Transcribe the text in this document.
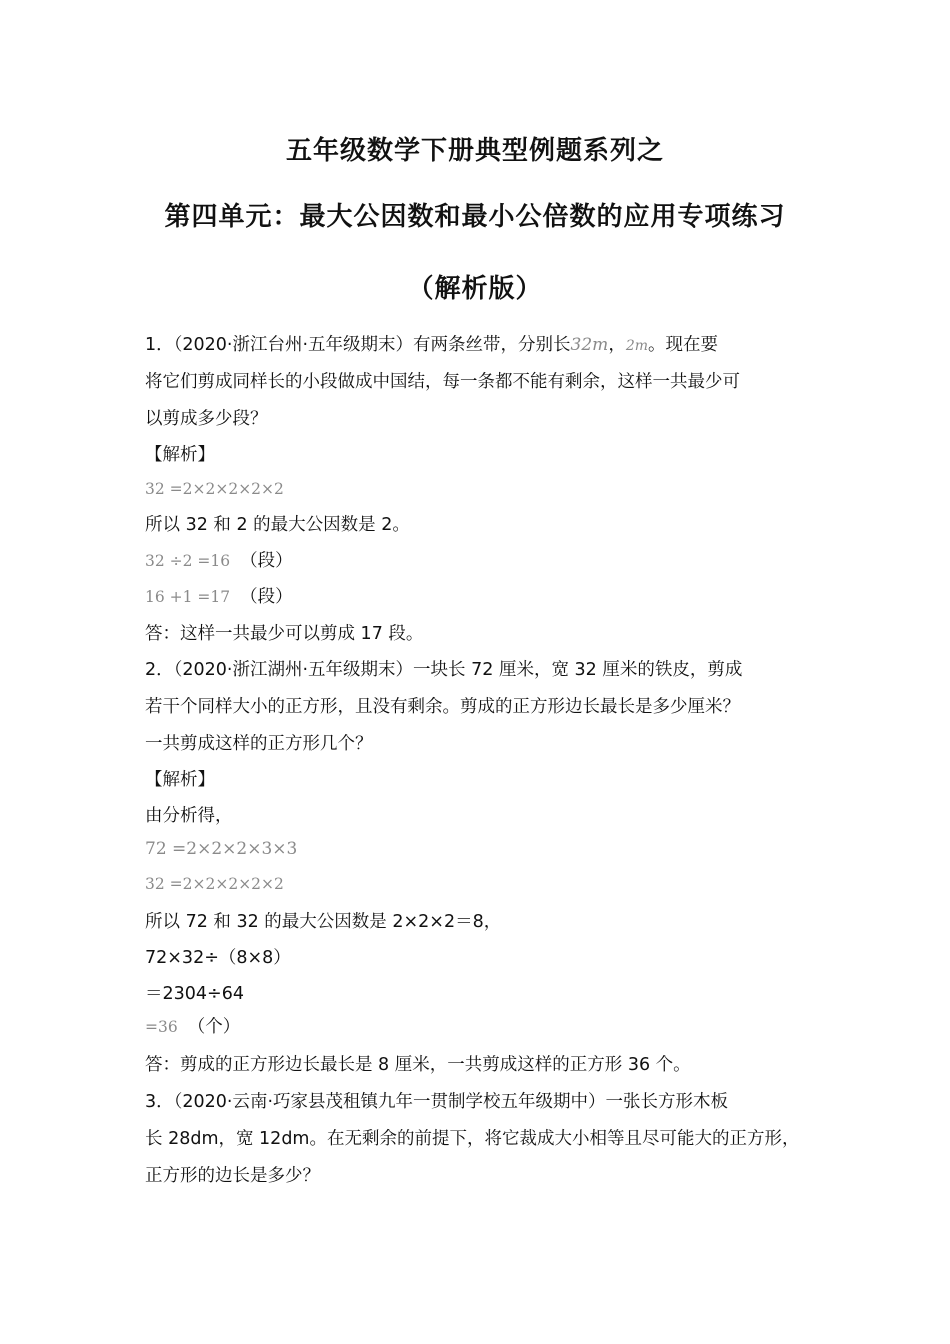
五年级数学下册典型例题系列之
第四单元：最大公因数和最小公倍数的应用专项练习
（解析版）
1．（2020·浙江台州·五年级期末）有两条丝带，分别长32m，2m。现在要
将它们剪成同样长的小段做成中国结，每一条都不能有剩余，这样一共最少可
以剪成多少段？
【解析】
32 =2×2×2×2×2
所以 32 和 2 的最大公因数是 2。
32 ÷2 =16 （段）
16 +1 =17 （段）
答：这样一共最少可以剪成 17 段。
2．（2020·浙江湖州·五年级期末）一块长 72 厘米，宽 32 厘米的铁皮，剪成
若干个同样大小的正方形，且没有剩余。剪成的正方形边长最长是多少厘米？
一共剪成这样的正方形几个？
【解析】
由分析得，
72 =2×2×2×3×3
32 =2×2×2×2×2
所以 72 和 32 的最大公因数是 2×2×2＝8，
72×32÷（8×8）
＝2304÷64
=36 （个）
答：剪成的正方形边长最长是 8 厘米，一共剪成这样的正方形 36 个。
3．（2020·云南·巧家县茂租镇九年一贯制学校五年级期中）一张长方形木板
长 28dm，宽 12dm。在无剩余的前提下，将它裁成大小相等且尽可能大的正方形，
正方形的边长是多少？
